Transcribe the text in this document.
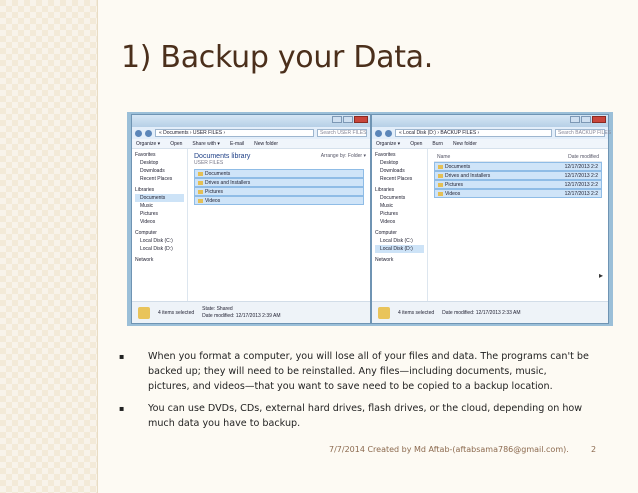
1) Backup your Data.
« Documents › USER FILES ›	Search USER FILES
Organize ▾ Open Share with ▾ E-mail New folder
Favorites
Desktop
Downloads
Recent Places
Libraries
Documents
Music
Pictures
Videos
Computer
Local Disk (C:)
Local Disk (D:)
Network
Documents library
USER FILES
Arrange by: Folder ▾
Documents
Drives and Installers
Pictures
Videos
4 items selected
State: Shared
Date modified: 12/17/2013 2:39 AM
« Local Disk (D:) › BACKUP FILES ›	Search BACKUP FILES
Organize ▾ Open Burn New folder
Favorites
Desktop
Downloads
Recent Places
Libraries
Documents
Music
Pictures
Videos
Computer
Local Disk (C:)
Local Disk (D:)
Network
Name	Date modified
Documents	12/17/2013 2:2
Drives and Installers	12/17/2013 2:2
Pictures	12/17/2013 2:2
Videos	12/17/2013 2:2
▸
4 items selected Date modified: 12/17/2013 2:33 AM
▪	When you format a computer, you will lose all of your files and data. The programs can't be backed up; they will need to be reinstalled. Any files—including documents, music, pictures, and videos—that you want to save need to be copied to a backup location.
▪	You can use DVDs, CDs, external hard drives, flash drives, or the cloud, depending on how much data you have to backup.
7/7/2014 Created by Md Aftab-(aftabsama786@gmail.com).	2
